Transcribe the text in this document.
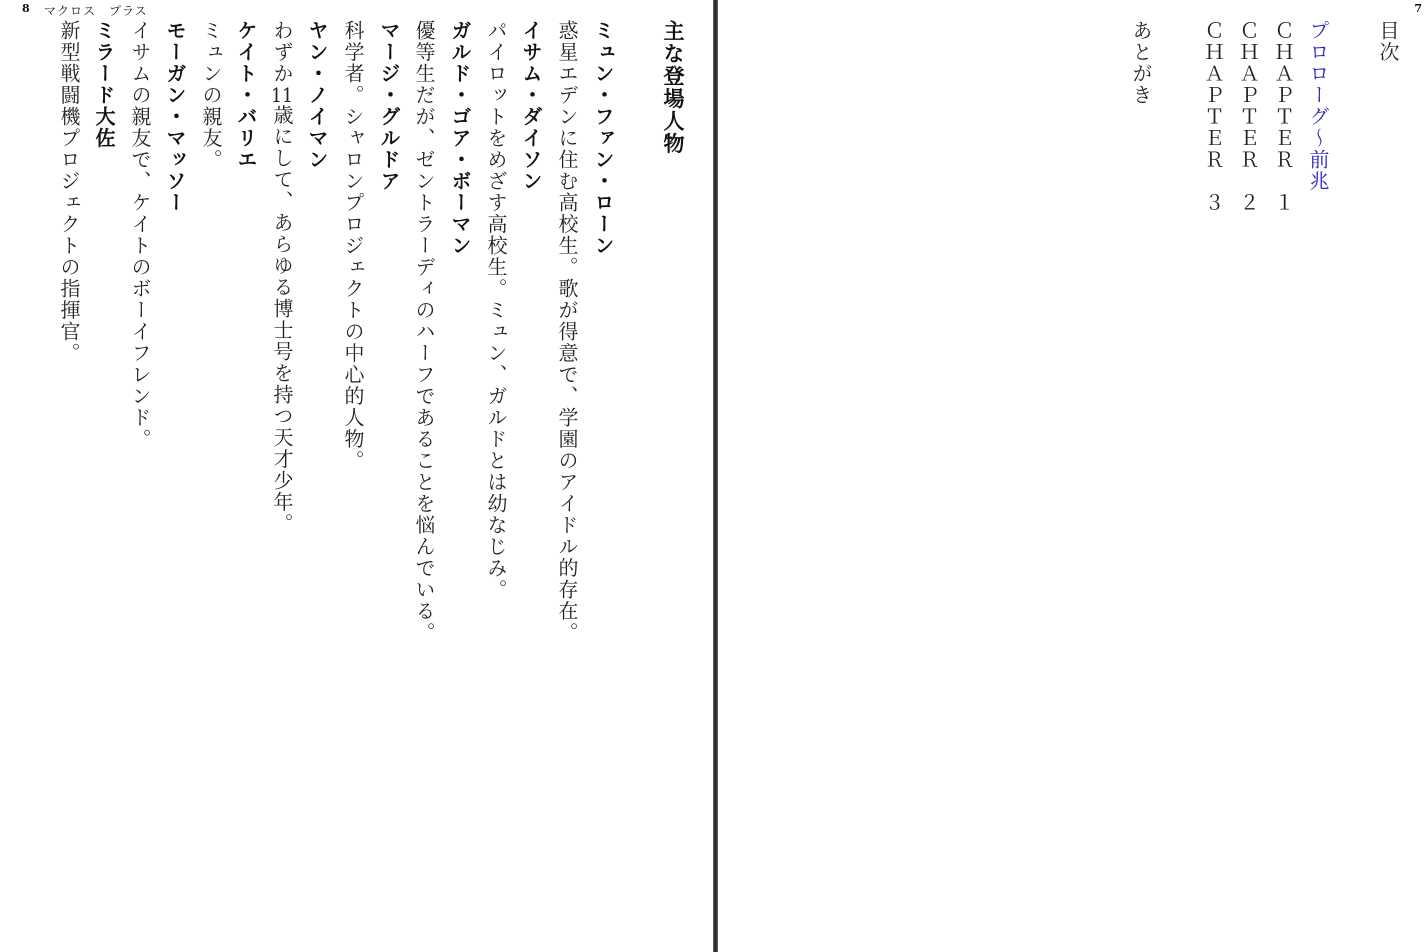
8 マクロス　プラス
主な登場人物
ミュン・ファン・ローン
惑星エデンに住む高校生。歌が得意で、学園のアイドル的存在。
イサム・ダイソン
パイロットをめざす高校生。ミュン、ガルドとは幼なじみ。
ガルド・ゴア・ボーマン
優等生だが、ゼントラーディのハーフであることを悩んでいる。
マージ・グルドア
科学者。シャロンプロジェクトの中心的人物。
ヤン・ノイマン
わずか11歳にして、あらゆる博士号を持つ天才少年。
ケイト・バリエ
ミュンの親友。
モーガン・マッソー
イサムの親友で、ケイトのボーイフレンド。
ミラード大佐
新型戦闘機プロジェクトの指揮官。
7
目次
プロローグ～前兆
ＣＨＡＰＴＥＲ　１
ＣＨＡＰＴＥＲ　２
ＣＨＡＰＴＥＲ　３
あとがき
